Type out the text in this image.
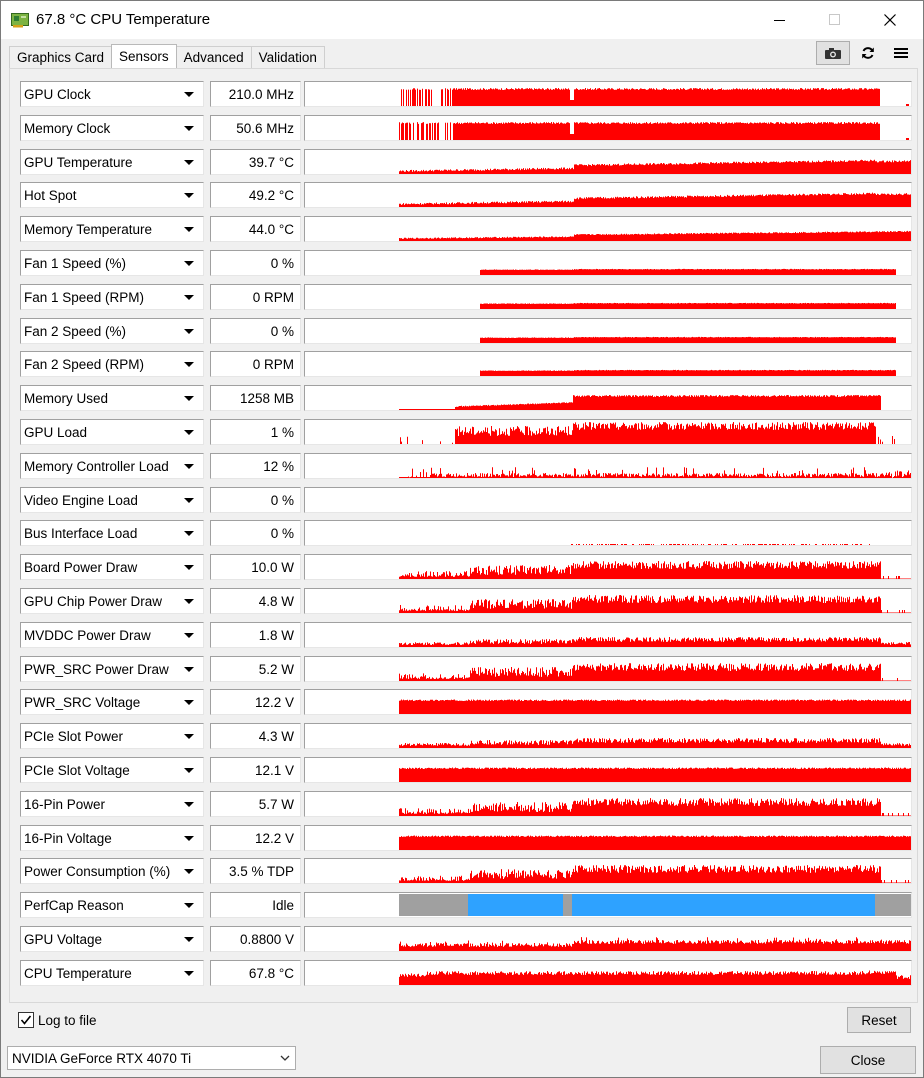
67.8 °C CPU Temperature
Graphics Card	Sensors	Advanced	Validation
GPU Clock	210.0 MHz
Memory Clock	50.6 MHz
GPU Temperature	39.7 °C
Hot Spot	49.2 °C
Memory Temperature	44.0 °C
Fan 1 Speed (%)	0 %
Fan 1 Speed (RPM)	0 RPM
Fan 2 Speed (%)	0 %
Fan 2 Speed (RPM)	0 RPM
Memory Used	1258 MB
GPU Load	1 %
Memory Controller Load	12 %
Video Engine Load	0 %
Bus Interface Load	0 %
Board Power Draw	10.0 W
GPU Chip Power Draw	4.8 W
MVDDC Power Draw	1.8 W
PWR_SRC Power Draw	5.2 W
PWR_SRC Voltage	12.2 V
PCIe Slot Power	4.3 W
PCIe Slot Voltage	12.1 V
16-Pin Power	5.7 W
16-Pin Voltage	12.2 V
Power Consumption (%)	3.5 % TDP
PerfCap Reason	Idle
GPU Voltage	0.8800 V
CPU Temperature	67.8 °C
Log to file	Reset
NVIDIA GeForce RTX 4070 Ti	Close
